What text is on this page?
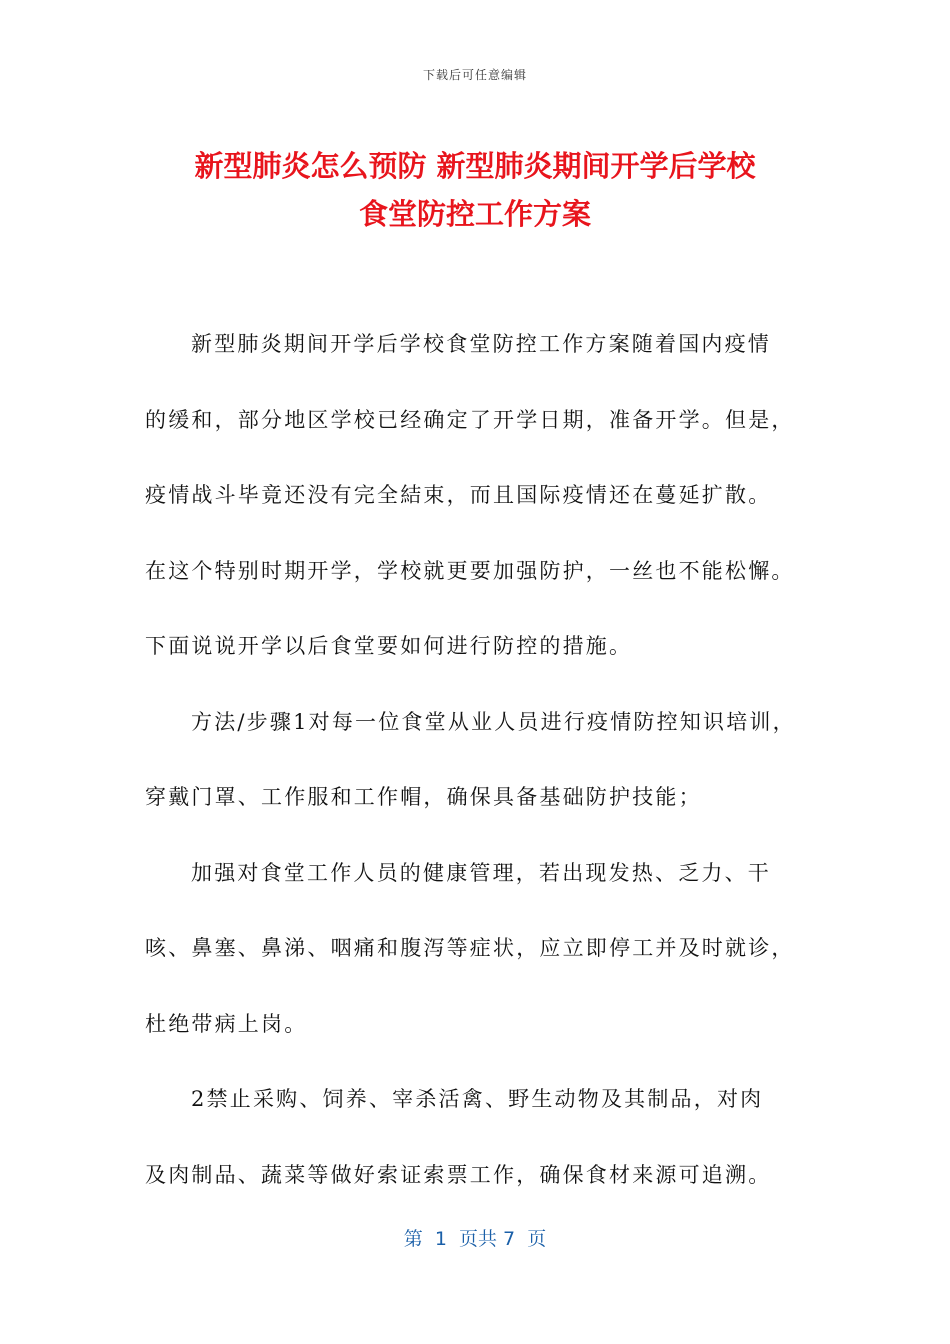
下载后可任意编辑
新型肺炎怎么预防 新型肺炎期间开学后学校
食堂防控工作方案
新型肺炎期间开学后学校食堂防控工作方案随着国内疫情
的缓和，部分地区学校已经确定了开学日期，准备开学。但是，
疫情战斗毕竟还没有完全結束，而且国际疫情还在蔓延扩散。
在这个特别时期开学，学校就更要加强防护，一丝也不能松懈。
下面说说开学以后食堂要如何进行防控的措施。
方法/步骤1对每一位食堂从业人员进行疫情防控知识培训，
穿戴门罩、工作服和工作帽，确保具备基础防护技能；
加强对食堂工作人员的健康管理，若出现发热、乏力、干
咳、鼻塞、鼻涕、咽痛和腹泻等症状，应立即停工并及时就诊，
杜绝带病上岗。
2禁止采购、饲养、宰杀活禽、野生动物及其制品，对肉
及肉制品、蔬菜等做好索证索票工作，确保食材来源可追溯。
第  1  页共 7  页
